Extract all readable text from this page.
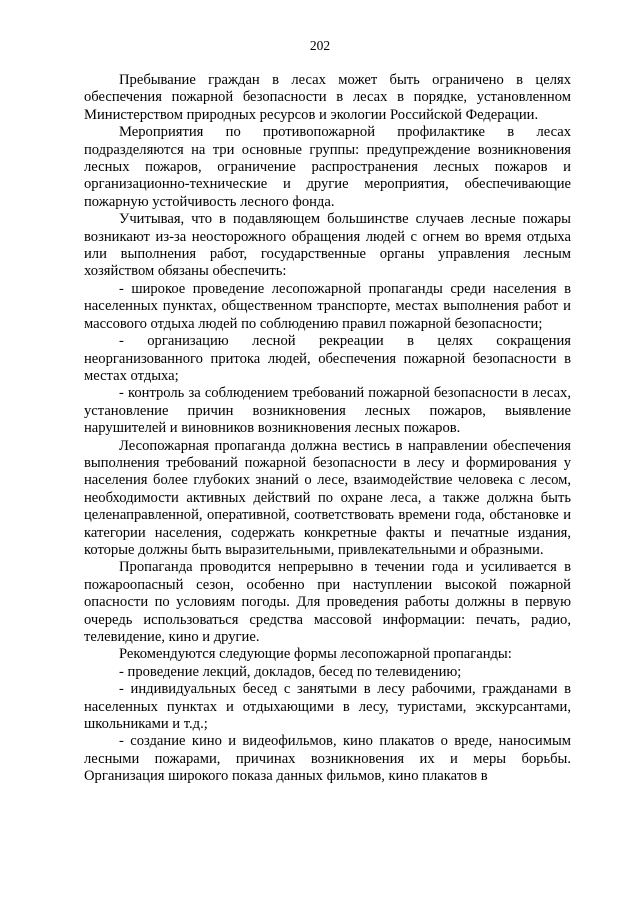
202

Пребывание граждан в лесах может быть ограничено в целях обеспечения пожарной безопасности в лесах в порядке, установленном Министерством природных ресурсов и экологии Российской Федерации.

Мероприятия по противопожарной профилактике в лесах подразделяются на три основные группы: предупреждение возникновения лесных пожаров, ограничение распространения лесных пожаров и организационно-технические и другие мероприятия, обеспечивающие пожарную устойчивость лесного фонда.

Учитывая, что в подавляющем большинстве случаев лесные пожары возникают из-за неосторожного обращения людей с огнем во время отдыха или выполнения работ, государственные органы управления лесным хозяйством обязаны обеспечить:

- широкое проведение лесопожарной пропаганды среди населения в населенных пунктах, общественном транспорте, местах выполнения работ и массового отдыха людей по соблюдению правил пожарной безопасности;

- организацию лесной рекреации в целях сокращения неорганизованного притока людей, обеспечения пожарной безопасности в местах отдыха;

- контроль за соблюдением требований пожарной безопасности в лесах, установление причин возникновения лесных пожаров, выявление нарушителей и виновников возникновения лесных пожаров.

Лесопожарная пропаганда должна вестись в направлении обеспечения выполнения требований пожарной безопасности в лесу и формирования у населения более глубоких знаний о лесе, взаимодействие человека с лесом, необходимости активных действий по охране леса, а также должна быть целенаправленной, оперативной, соответствовать времени года, обстановке и категории населения, содержать конкретные факты и печатные издания, которые должны быть выразительными, привлекательными и образными.

Пропаганда проводится непрерывно в течении года и усиливается в пожароопасный сезон, особенно при наступлении высокой пожарной опасности по условиям погоды. Для проведения работы должны в первую очередь использоваться средства массовой информации: печать, радио, телевидение, кино и другие.

Рекомендуются следующие формы лесопожарной пропаганды:

- проведение лекций, докладов, бесед по телевидению;

- индивидуальных бесед с занятыми в лесу рабочими, гражданами в населенных пунктах и отдыхающими в лесу, туристами, экскурсантами, школьниками и т.д.;

- создание кино и видеофильмов, кино плакатов о вреде, наносимым лесными пожарами, причинах возникновения их и меры борьбы. Организация широкого показа данных фильмов, кино плакатов в
